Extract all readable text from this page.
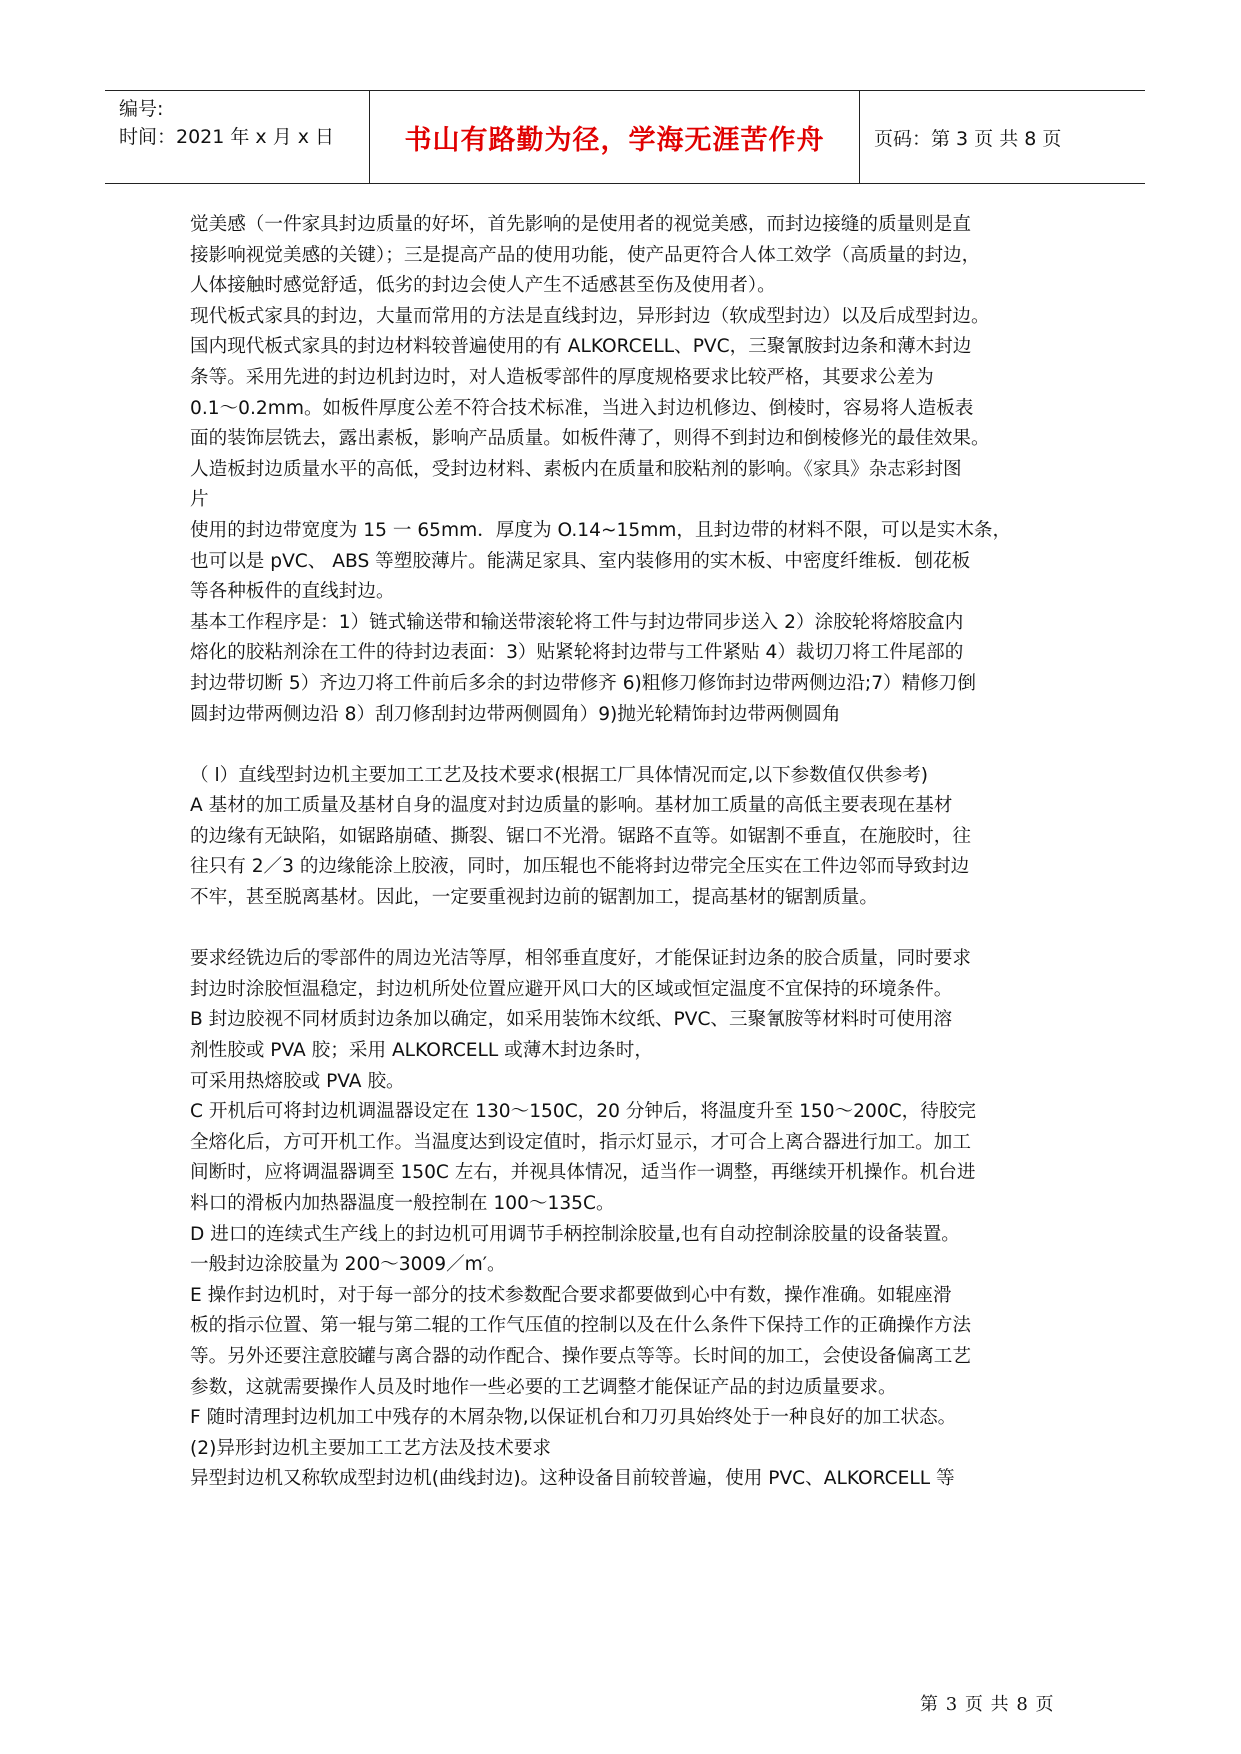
编号:
时间：2021 年 x 月 x 日	书山有路勤为径，学海无涯苦作舟	页码：第 3 页 共 8 页

觉美感（一件家具封边质量的好坏，首先影响的是使用者的视觉美感，而封边接缝的质量则是直

接影响视觉美感的关键）；三是提高产品的使用功能，使产品更符合人体工效学（高质量的封边，

人体接触时感觉舒适，低劣的封边会使人产生不适感甚至伤及使用者）。

现代板式家具的封边，大量而常用的方法是直线封边，异形封边（软成型封边）以及后成型封边。

国内现代板式家具的封边材料较普遍使用的有 ALKORCELL、PVC，三聚氰胺封边条和薄木封边

条等。采用先进的封边机封边时，对人造板零部件的厚度规格要求比较严格，其要求公差为

0.1～0.2mm。如板件厚度公差不符合技术标准，当进入封边机修边、倒棱时，容易将人造板表

面的装饰层铣去，露出素板，影响产品质量。如板件薄了，则得不到封边和倒棱修光的最佳效果。

人造板封边质量水平的高低，受封边材料、素板内在质量和胶粘剂的影响。《家具》杂志彩封图

片

使用的封边带宽度为 15 一 65mm．厚度为 O.14~15mm，且封边带的材料不限，可以是实木条，

也可以是 pVC、 ABS 等塑胶薄片。能满足家具、室内装修用的实木板、中密度纤维板．刨花板

等各种板件的直线封边。

基本工作程序是：1）链式输送带和输送带滚轮将工件与封边带同步送入 2）涂胶轮将熔胶盒内

熔化的胶粘剂涂在工件的待封边表面：3）贴紧轮将封边带与工件紧贴 4）裁切刀将工件尾部的

封边带切断 5）齐边刀将工件前后多余的封边带修齐 6)粗修刀修饰封边带两侧边沿;7）精修刀倒

圆封边带两侧边沿 8）刮刀修刮封边带两侧圆角）9)抛光轮精饰封边带两侧圆角

（ l）直线型封边机主要加工工艺及技术要求(根据工厂具体情况而定,以下参数值仅供参考)

A 基材的加工质量及基材自身的温度对封边质量的影响。基材加工质量的高低主要表现在基材

的边缘有无缺陷，如锯路崩碴、撕裂、锯口不光滑。锯路不直等。如锯割不垂直，在施胶时，往

往只有 2／3 的边缘能涂上胶液，同时，加压辊也不能将封边带完全压实在工件边邻而导致封边

不牢，甚至脱离基材。因此，一定要重视封边前的锯割加工，提高基材的锯割质量。

要求经铣边后的零部件的周边光洁等厚，相邻垂直度好，才能保证封边条的胶合质量，同时要求

封边时涂胶恒温稳定，封边机所处位置应避开风口大的区域或恒定温度不宜保持的环境条件。

B 封边胶视不同材质封边条加以确定，如采用装饰木纹纸、PVC、三聚氰胺等材料时可使用溶

剂性胶或 PVA 胶；采用 ALKORCELL 或薄木封边条时，

可采用热熔胶或 PVA 胶。

C 开机后可将封边机调温器设定在 130～150C，20 分钟后，将温度升至 150～200C，待胶完

全熔化后，方可开机工作。当温度达到设定值时，指示灯显示，才可合上离合器进行加工。加工

间断时，应将调温器调至 150C 左右，并视具体情况，适当作一调整，再继续开机操作。机台进

料口的滑板内加热器温度一般控制在 100～135C。

D 进口的连续式生产线上的封边机可用调节手柄控制涂胶量,也有自动控制涂胶量的设备装置。

一般封边涂胶量为 200～3009／m′。

E 操作封边机时，对于每一部分的技术参数配合要求都要做到心中有数，操作准确。如辊座滑

板的指示位置、第一辊与第二辊的工作气压值的控制以及在什么条件下保持工作的正确操作方法

等。另外还要注意胶罐与离合器的动作配合、操作要点等等。长时间的加工，会使设备偏离工艺

参数，这就需要操作人员及时地作一些必要的工艺调整才能保证产品的封边质量要求。

F 随时清理封边机加工中残存的木屑杂物,以保证机台和刀刃具始终处于一种良好的加工状态。

(2)异形封边机主要加工工艺方法及技术要求

异型封边机又称软成型封边机(曲线封边)。这种设备目前较普遍，使用 PVC、ALKORCELL 等

第 3 页 共 8 页
